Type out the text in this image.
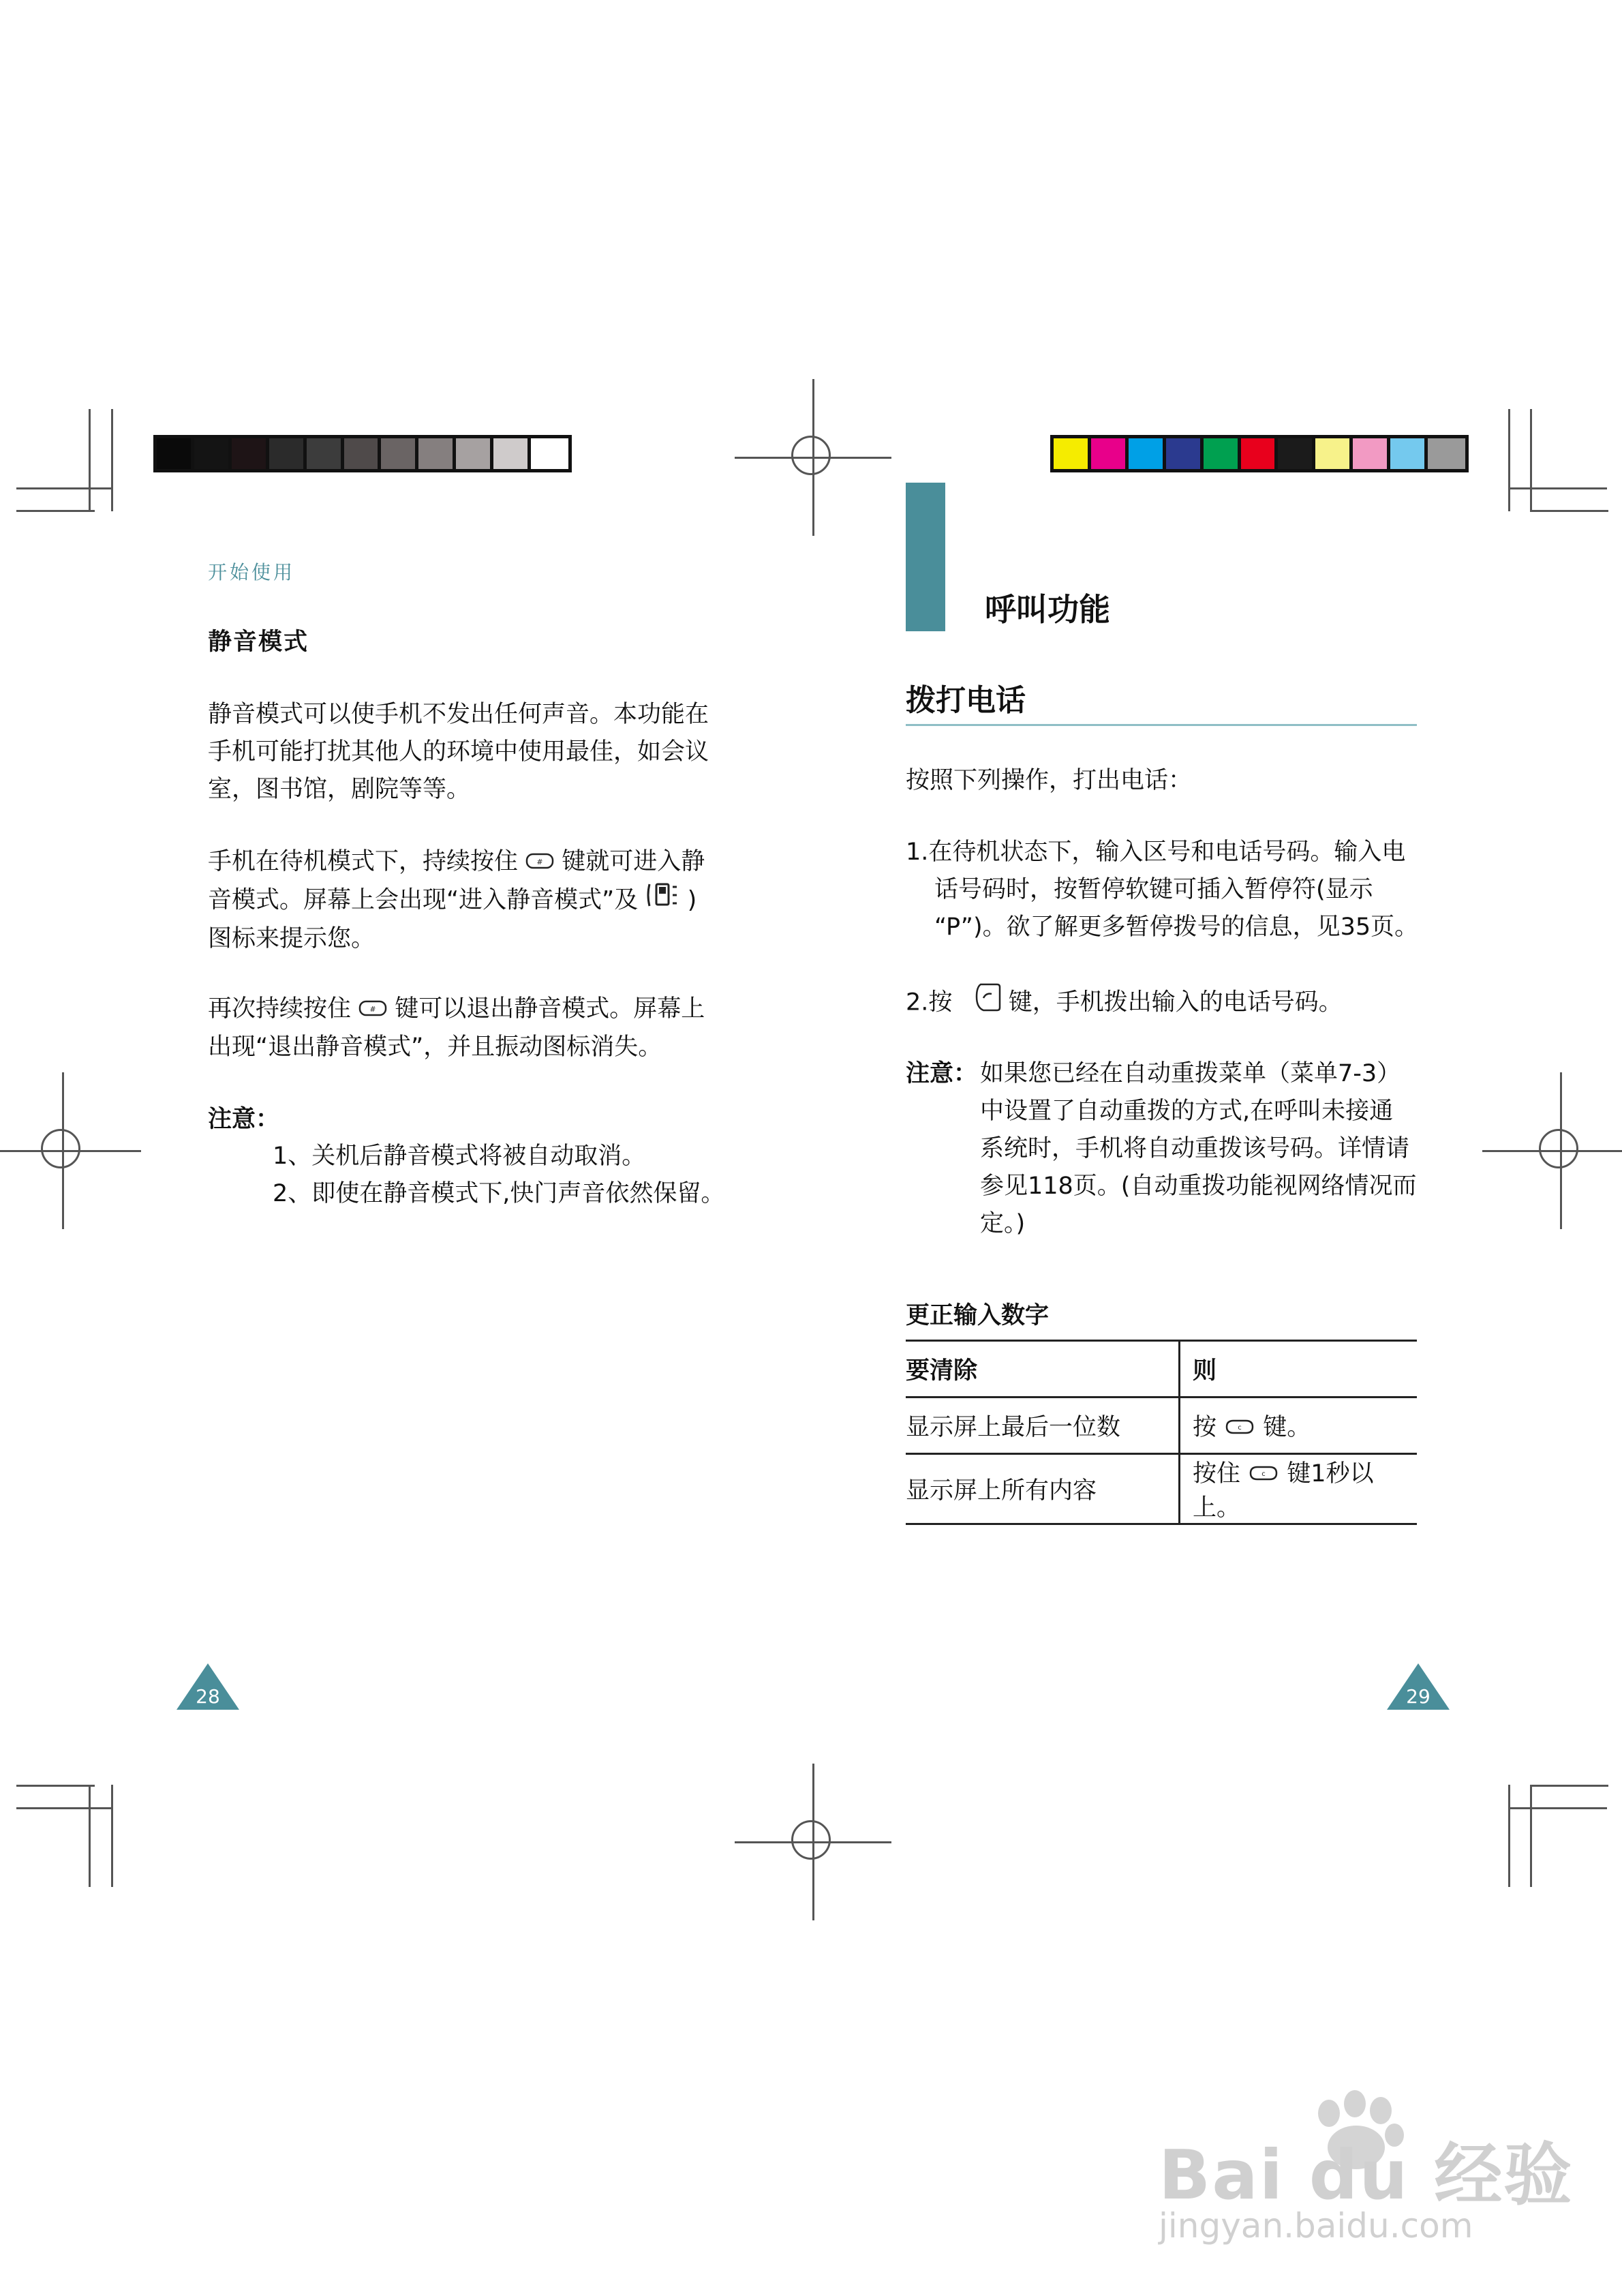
开始使用
静音模式
静音模式可以使手机不发出任何声音。本功能在
手机可能打扰其他人的环境中使用最佳，如会议
室，图书馆，剧院等等。
手机在待机模式下，持续按住	# 键就可进入静
音模式。屏幕上会出现“进入静音模式”及 )
图标来提示您。
再次持续按住	# 键可以退出静音模式。屏幕上
出现“退出静音模式”，并且振动图标消失。
注意：
1、关机后静音模式将被自动取消。
2、即使在静音模式下,快门声音依然保留。
28
呼叫功能
拨打电话
按照下列操作，打出电话：
1.在待机状态下，输入区号和电话号码。输入电
话号码时，按暂停软键可插入暂停符(显示
“P”)。欲了解更多暂停拨号的信息，见35页。
2.按 键，手机拨出输入的电话号码。
注意： 如果您已经在自动重拨菜单（菜单7-3）
中设置了自动重拨的方式,在呼叫未接通
系统时，手机将自动重拨该号码。详情请
参见118页。(自动重拨功能视网络情况而
定。)
更正输入数字
要清除	则
显示屏上最后一位数	按 c 键。
显示屏上所有内容	按住 c 键1秒以上。
29
Bai du 经验
jingyan.baidu.com
